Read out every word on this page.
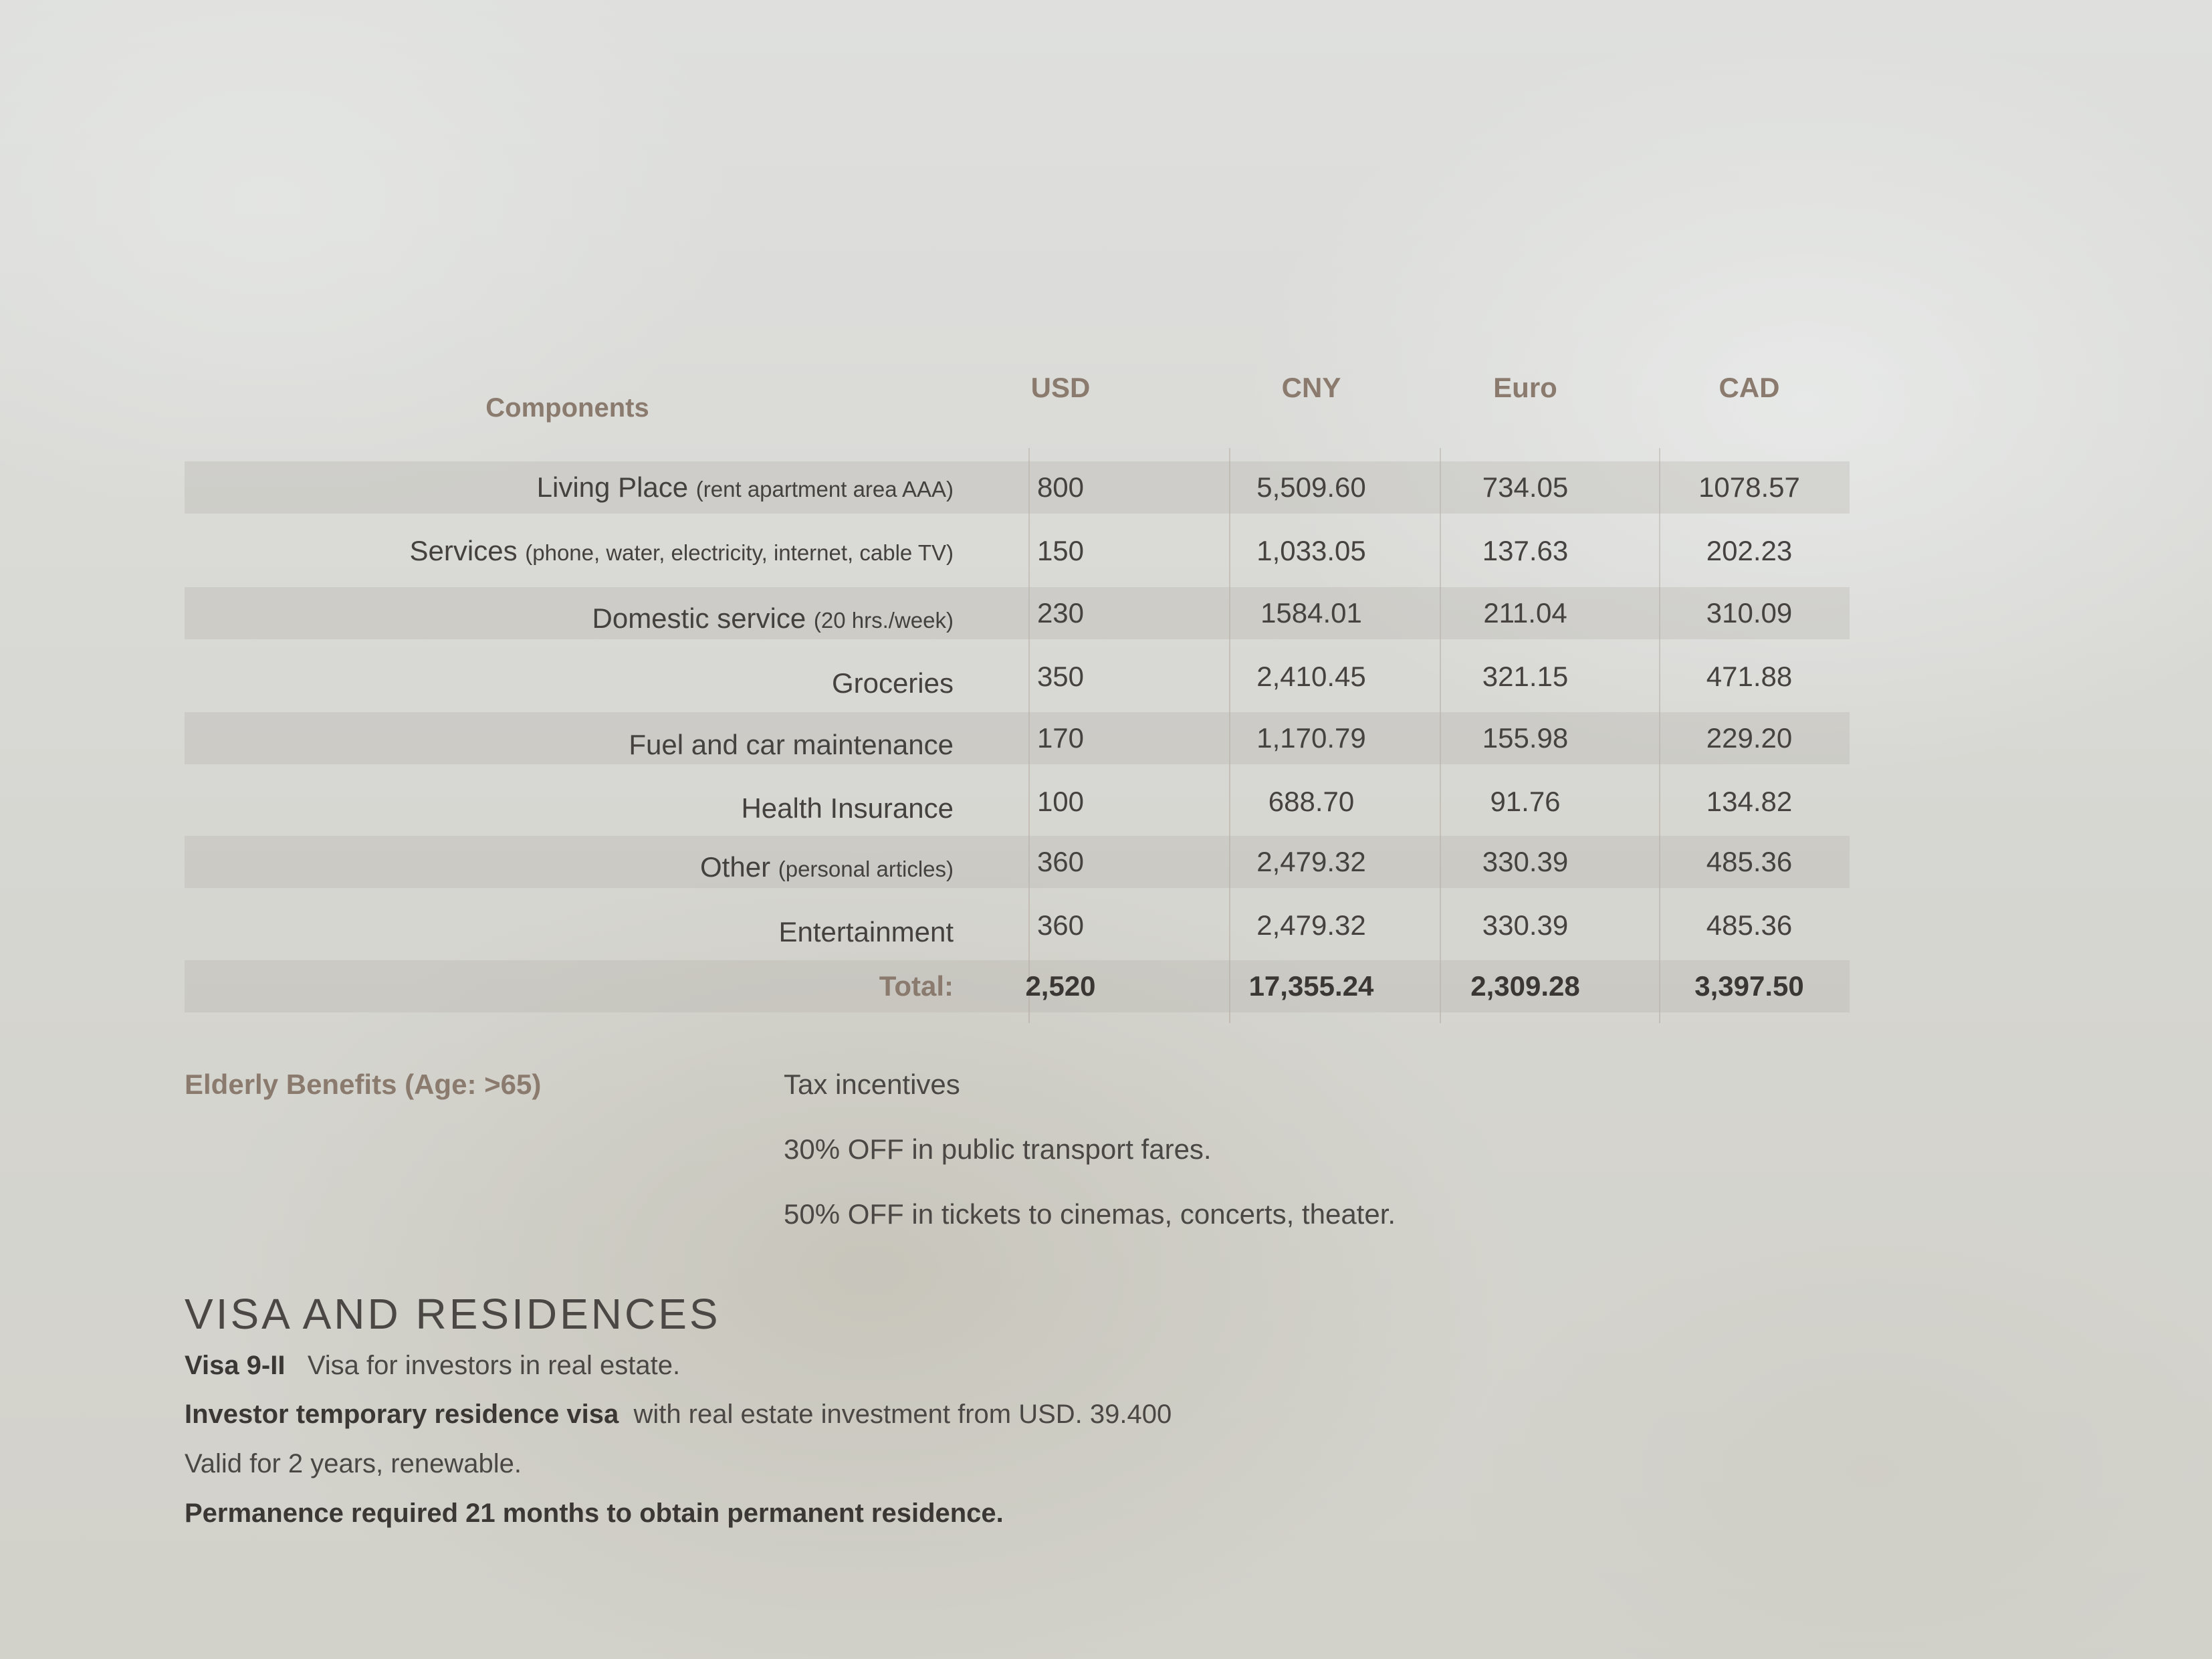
Components
USD	CNY	Euro	CAD
Living Place (rent apartment area AAA)	800	5,509.60	734.05	1078.57
Services (phone, water, electricity, internet, cable TV)	150	1,033.05	137.63	202.23
Domestic service (20 hrs./week)	230	1584.01	211.04	310.09
Groceries	350	2,410.45	321.15	471.88
Fuel and car maintenance	170	1,170.79	155.98	229.20
Health Insurance	100	688.70	91.76	134.82
Other (personal articles)	360	2,479.32	330.39	485.36
Entertainment	360	2,479.32	330.39	485.36
Total:	2,520	17,355.24	2,309.28	3,397.50
Elderly Benefits (Age: >65)	Tax incentives
30% OFF in public transport fares.
50% OFF in tickets to cinemas, concerts, theater.
VISA AND RESIDENCES
Visa 9-II Visa for investors in real estate.
Investor temporary residence visa with real estate investment from USD. 39.400
Valid for 2 years, renewable.
Permanence required 21 months to obtain permanent residence.
